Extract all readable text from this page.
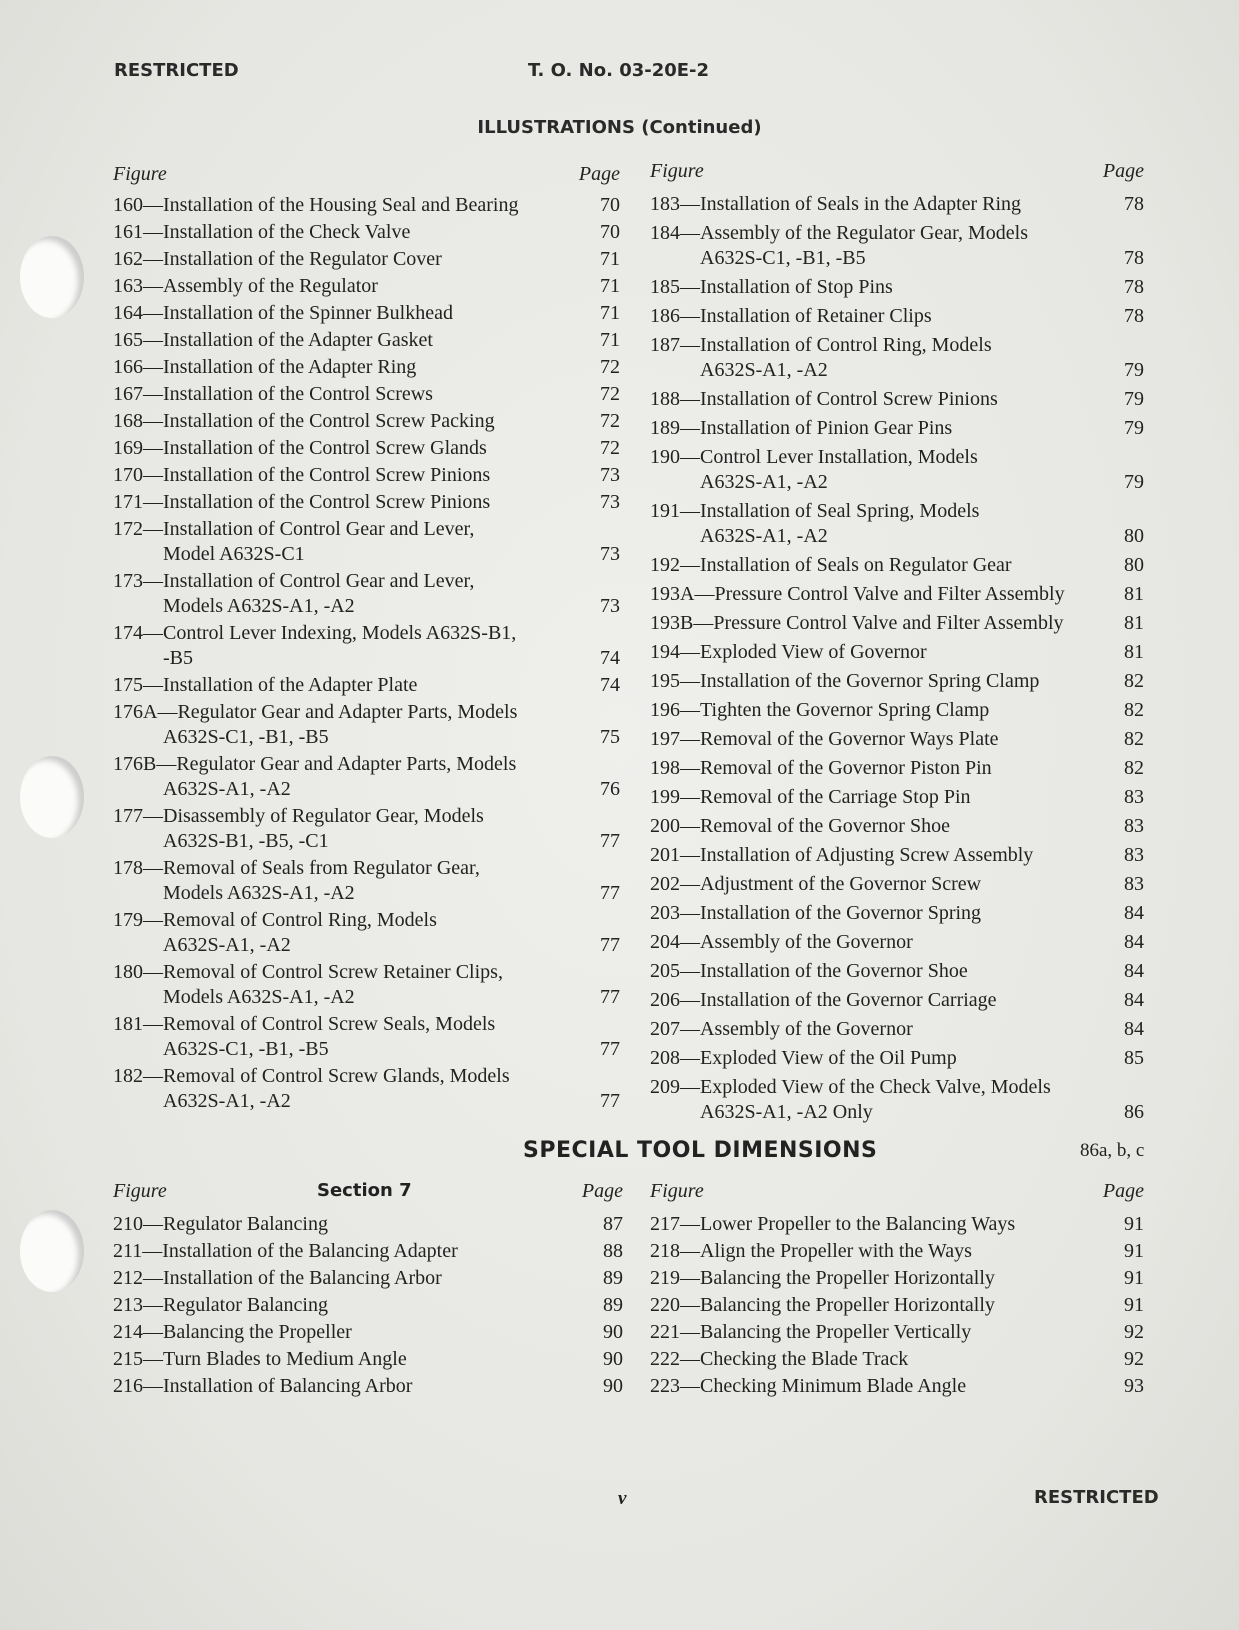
RESTRICTED	T. O. No. 03-20E-2
ILLUSTRATIONS (Continued)
Figure	Page
160—Installation of the Housing Seal and Bearing	70
161—Installation of the Check Valve	70
162—Installation of the Regulator Cover	71
163—Assembly of the Regulator	71
164—Installation of the Spinner Bulkhead	71
165—Installation of the Adapter Gasket	71
166—Installation of the Adapter Ring	72
167—Installation of the Control Screws	72
168—Installation of the Control Screw Packing	72
169—Installation of the Control Screw Glands	72
170—Installation of the Control Screw Pinions	73
171—Installation of the Control Screw Pinions	73
172—Installation of Control Gear and Lever,
Model A632S-C1	73
173—Installation of Control Gear and Lever,
Models A632S-A1, -A2	73
174—Control Lever Indexing, Models A632S-B1,
-B5	74
175—Installation of the Adapter Plate	74
176A—Regulator Gear and Adapter Parts, Models
A632S-C1, -B1, -B5	75
176B—Regulator Gear and Adapter Parts, Models
A632S-A1, -A2	76
177—Disassembly of Regulator Gear, Models
A632S-B1, -B5, -C1	77
178—Removal of Seals from Regulator Gear,
Models A632S-A1, -A2	77
179—Removal of Control Ring, Models
A632S-A1, -A2	77
180—Removal of Control Screw Retainer Clips,
Models A632S-A1, -A2	77
181—Removal of Control Screw Seals, Models
A632S-C1, -B1, -B5	77
182—Removal of Control Screw Glands, Models
A632S-A1, -A2	77
Figure	Page
183—Installation of Seals in the Adapter Ring	78
184—Assembly of the Regulator Gear, Models
A632S-C1, -B1, -B5	78
185—Installation of Stop Pins	78
186—Installation of Retainer Clips	78
187—Installation of Control Ring, Models
A632S-A1, -A2	79
188—Installation of Control Screw Pinions	79
189—Installation of Pinion Gear Pins	79
190—Control Lever Installation, Models
A632S-A1, -A2	79
191—Installation of Seal Spring, Models
A632S-A1, -A2	80
192—Installation of Seals on Regulator Gear	80
193A—Pressure Control Valve and Filter Assembly	81
193B—Pressure Control Valve and Filter Assembly	81
194—Exploded View of Governor	81
195—Installation of the Governor Spring Clamp	82
196—Tighten the Governor Spring Clamp	82
197—Removal of the Governor Ways Plate	82
198—Removal of the Governor Piston Pin	82
199—Removal of the Carriage Stop Pin	83
200—Removal of the Governor Shoe	83
201—Installation of Adjusting Screw Assembly	83
202—Adjustment of the Governor Screw	83
203—Installation of the Governor Spring	84
204—Assembly of the Governor	84
205—Installation of the Governor Shoe	84
206—Installation of the Governor Carriage	84
207—Assembly of the Governor	84
208—Exploded View of the Oil Pump	85
209—Exploded View of the Check Valve, Models
A632S-A1, -A2 Only	86
SPECIAL TOOL DIMENSIONS	86a, b, c
Figure	Section 7	Page
210—Regulator Balancing	87
211—Installation of the Balancing Adapter	88
212—Installation of the Balancing Arbor	89
213—Regulator Balancing	89
214—Balancing the Propeller	90
215—Turn Blades to Medium Angle	90
216—Installation of Balancing Arbor	90
Figure	Page
217—Lower Propeller to the Balancing Ways	91
218—Align the Propeller with the Ways	91
219—Balancing the Propeller Horizontally	91
220—Balancing the Propeller Horizontally	91
221—Balancing the Propeller Vertically	92
222—Checking the Blade Track	92
223—Checking Minimum Blade Angle	93
v	RESTRICTED
